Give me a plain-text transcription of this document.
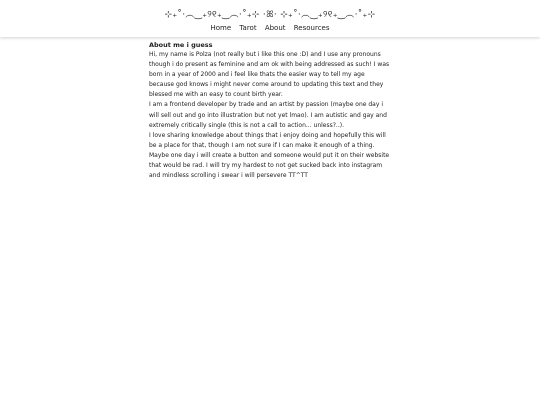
⊹₊˚‧︵‿₊୨୧₊‿︵‧˚₊⊹ ·ꕤ· ⊹₊˚‧︵‿₊୨୧₊‿︵‧˚₊⊹
Home Tarot About Resources
About me i guess

Hi, my name is Polza (not really but i like this one :D) and I use any pronouns though i do present as feminine and am ok with being addressed as such! I was born in a year of 2000 and i feel like thats the easier way to tell my age because god knows i might never come around to updating this text and they blessed me with an easy to count birth year.

I am a frontend developer by trade and an artist by passion (maybe one day i will sell out and go into illustration but not yet lmao). I am autistic and gay and extremely critically single (this is not a call to action... unless?..).

I love sharing knowledge about things that i enjoy doing and hopefully this will be a place for that, though I am not sure if I can make it enough of a thing. Maybe one day i will create a button and someone would put it on their website that would be rad. I will try my hardest to not get sucked back into instagram and mindless scrolling i swear i will persevere TT^TT
